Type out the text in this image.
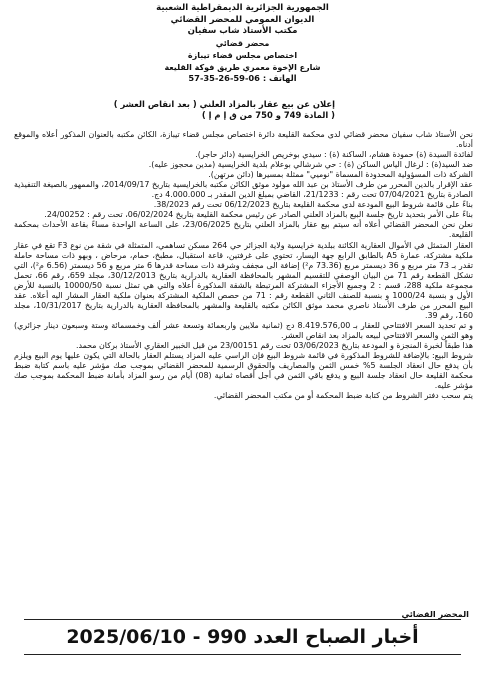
الجمهورية الجزائرية الديمقراطية الشعبية
الديوان العمومي للمحضر القضائي
مكتب الأستاذ شاب سفيان
محضر قضائي
اختصاص مجلس قضاء تيبازة
شارع الإخوة معمري طريق فوكة القليعة
الهاتف : 06-59-26-35-57
إعلان عن بيع عقار بالمزاد العلني ( بعد انقاص العشر )
( المادة 749 و 750 من ق إ م إ )

نحن الأستاذ شاب سفيان محضر قضائي لدى محكمة القليعة دائرة اختصاص مجلس قضاء تيبازة، الكائن مكتبه بالعنوان المذكور أعلاه والموقع أدناه.

لفائدة السيدة (ة) حمودة هشام، الساكنة (ة) : سيدي بوخريص الخرايسية (دائر حاجر).

ضد السيد(ة) : لرغال الياس الساكن (ة) : حي شرشالي بوعلام بلدية الخرايسية (مدين محجوز عليه).

الشركة ذات المسؤولية المحدودة المسماة "نوميي" ممثلة بمسيرها (دائن مرتهن).

عقد الإقرار بالدين المحرر من طرف الأستاذ بن عبد الله مولود موثق الكائن مكتبه بالخرايسية بتاريخ 2014/09/17، والممهور بالصيغة التنفيذية الصادرة بتاريخ 07/04/2021 تحت رقم : 21/1233، القاضي بمبلغ الدين المقدر بـ 4.000.000 دج.

بناءً على قائمة شروط البيع المودعة لدى محكمة القليعة بتاريخ 06/12/2023 تحت رقم 38/2023.

بناءً على الأمر بتحديد تاريخ جلسة البيع بالمزاد العلني الصادر عن رئيس محكمة القليعة بتاريخ 06/02/2024، تحت رقم : 24/00252.

نعلن نحن المحضر القضائي أعلاه أنه سيتم بيع عقار بالمزاد العلني بتاريخ 23/06/2025، على الساعة الواحدة مساءً بقاعة الأحداث بمحكمة القليعة.

العقار المتمثل في الأموال العقارية الكائنة ببلدية خرايسية ولاية الجزائر حي 264 مسكن تساهمي، المتمثلة في شقة من نوع F3 تقع في عقار ملكية مشتركة، عمارة A5 بالطابق الرابع جهة اليسار، تحتوي على غرفتين، قاعة استقبال، مطبخ، حمام، مرحاض ، وبهو ذات مساحة حاملة تقدر بـ 73 متر مربع و 36 ديسمتر مربع (73.36 م²) إضافة الى مجفف وشرفة ذات مساحة قدرها 6 متر مربع و 56 ديسمتر (6.56 م²)، التي تشكل القطعة رقم 71 من البيان الوصفي للتقسيم المشهر بالمحافظة العقارية بالدرارية بتاريخ 30/12/2013، مجلد 659، رقم 66، تحمل مجموعة ملكية 288، قسم : 2 وجميع الأجزاء المشتركة المرتبطة بالشقة المذكورة أعلاه والتي هي تمثل نسبة 10000/50 بالنسبة للأرض الأول و بنسبة 1000/24 و بنسبة للصنف الثاني القطعة رقم : 71 من حصص الملكية المشتركة بعنوان ملكية العقار المشار اليه أعلاه. عقد البيع المحرر من طرف الأستاذ ناصري محمد موثق الكائن مكتبه بالقليعة والمشهر بالمحافظة العقارية بالدرارية بتاريخ 10/31/2017، مجلد 160، رقم 39.

و تم تحديد السعر الافتتاحي للعقار بـ 8.419.576,00 دج (ثمانية ملايين واربعمائة وتسعة عشر ألف وخمسمائة وستة وسبعون دينار جزائري) وهو الثمن والسعر الافتتاحي لبيعه بالمزاد بعد انقاص العشر.

هذا طبقاً لخبرة المنجزة و المودعة بتاريخ 03/06/2023 تحت رقم 23/00151 من قبل الخبير العقاري الأستاذ بركان محمد.

شروط البيع: بالإضافة للشروط المذكورة في قائمة شروط البيع فإن الراسي عليه المزاد يستلم العقار بالحالة التي يكون عليها يوم البيع ويلزم بأن يدفع حال انعقاد الجلسة 5% خمس الثمن والمصاريف والحقوق الرسمية للمحضر القضائي بموجب صك مؤشر عليه باسم كتابة ضبط محكمة القليعة حال انعقاد جلسة البيع و يدفع باقي الثمن في أجل أقصاه ثمانية (08) أيام من رسو المزاد بأمانة ضبط المحكمة بموجب صك مؤشر عليه.

يتم سحب دفتر الشروط من كتابة ضبط المحكمة أو من مكتب المحضر القضائي.

المحضر القضائي
أخبار الصباح العدد 990 - 2025/06/10
